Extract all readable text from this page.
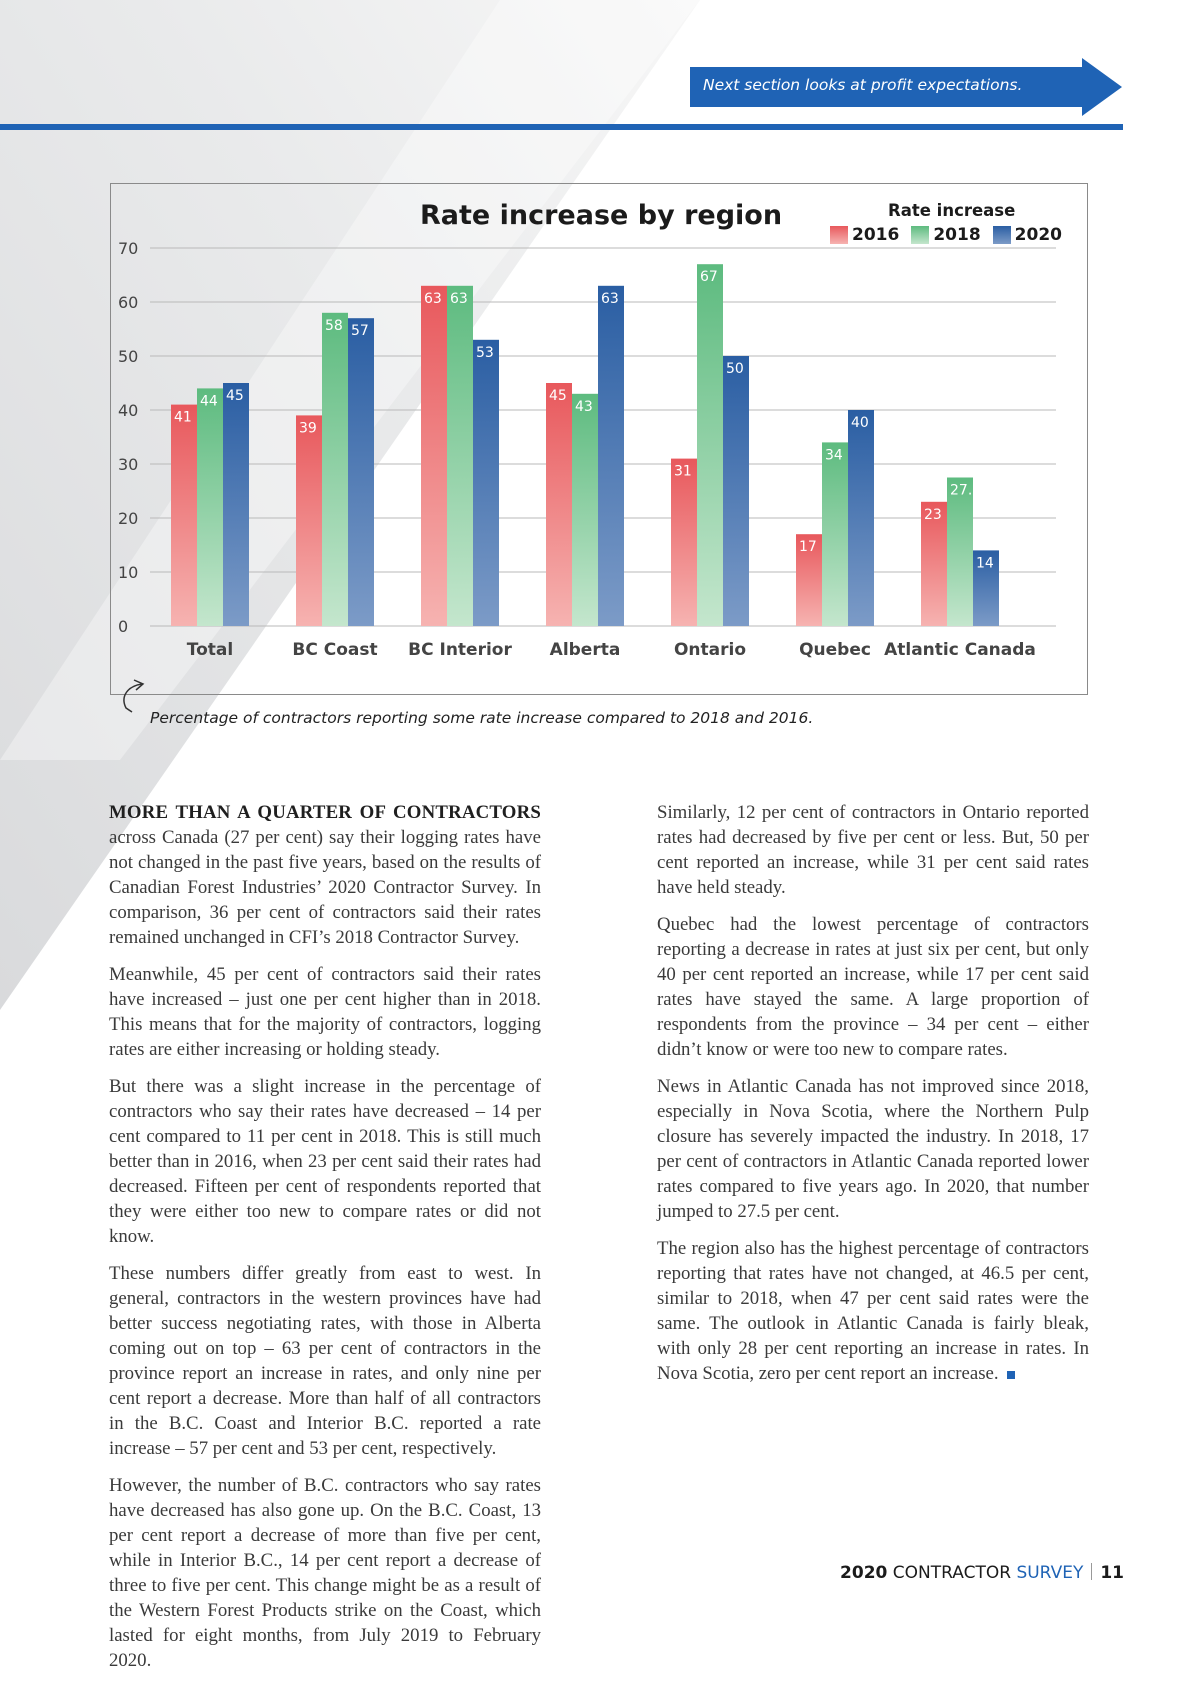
Next section looks at profit expectations.
41
44 45
39
58 57
63 63
53
45
43
63
31
67
50
17
34
40
23
27.5
14
0
10
20
30
40
50
60
70
Total	BC Coast BC Interior Alberta	Ontario	Quebec Atlantic Canada
Rate increase by region	Rate increase
2016 2018 2020
Percentage of contractors reporting some rate increase compared to 2018 and 2016.

MORE THAN A QUARTER OF CONTRACTORS across Canada (27 per cent) say their logging rates have not changed in the past five years, based on the results of Canadian Forest Industries’ 2020 Contractor Survey. In comparison, 36 per cent of contractors said their rates remained unchanged in CFI’s 2018 Contractor Survey.

Meanwhile, 45 per cent of contractors said their rates have increased – just one per cent higher than in 2018. This means that for the majority of contractors, logging rates are either increasing or holding steady.

But there was a slight increase in the percentage of contractors who say their rates have decreased – 14 per cent compared to 11 per cent in 2018. This is still much better than in 2016, when 23 per cent said their rates had decreased. Fifteen per cent of respondents reported that they were either too new to compare rates or did not know.

These numbers differ greatly from east to west. In general, contractors in the western provinces have had better success negotiating rates, with those in Alberta coming out on top – 63 per cent of contractors in the province report an increase in rates, and only nine per cent report a decrease. More than half of all contractors in the B.C. Coast and Interior B.C. reported a rate increase – 57 per cent and 53 per cent, respectively.

However, the number of B.C. contractors who say rates have decreased has also gone up. On the B.C. Coast, 13 per cent report a decrease of more than five per cent, while in Interior B.C., 14 per cent report a decrease of three to five per cent. This change might be as a result of the Western Forest Products strike on the Coast, which lasted for eight months, from July 2019 to February 2020.

Similarly, 12 per cent of contractors in Ontario reported rates had decreased by five per cent or less. But, 50 per cent reported an increase, while 31 per cent said rates have held steady.

Quebec had the lowest percentage of contractors reporting a decrease in rates at just six per cent, but only 40 per cent reported an increase, while 17 per cent said rates have stayed the same. A large proportion of respondents from the province – 34 per cent – either didn’t know or were too new to compare rates.

News in Atlantic Canada has not improved since 2018, especially in Nova Scotia, where the Northern Pulp closure has severely impacted the industry. In 2018, 17 per cent of contractors in Atlantic Canada reported lower rates compared to five years ago. In 2020, that number jumped to 27.5 per cent.

The region also has the highest percentage of contractors reporting that rates have not changed, at 46.5 per cent, similar to 2018, when 47 per cent said rates were the same. The outlook in Atlantic Canada is fairly bleak, with only 28 per cent reporting an increase in rates. In Nova Scotia, zero per cent report an increase.

2020 CONTRACTOR SURVEY 11
